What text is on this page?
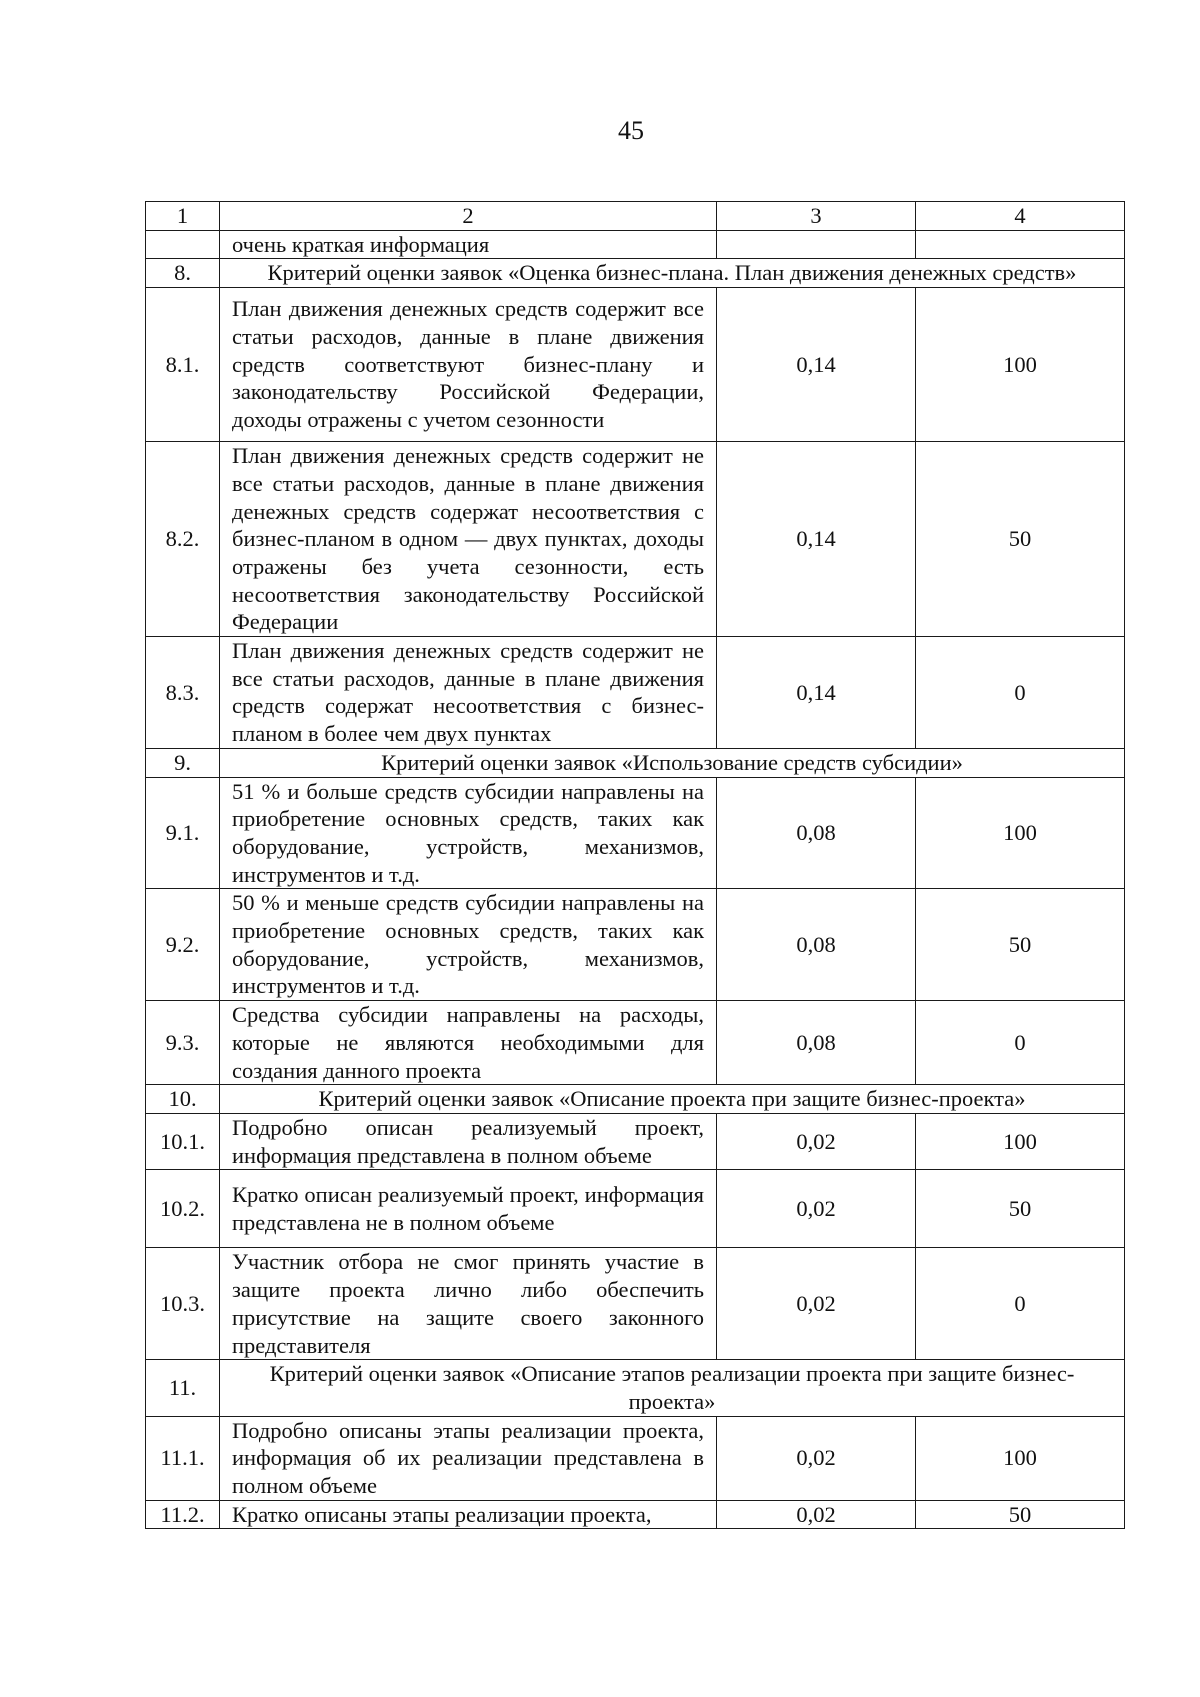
45
1	2	3	4
	очень краткая информация		
8.	Критерий оценки заявок «Оценка бизнес-плана. План движения денежных средств»		
8.1.	План движения денежных средств содержит все статьи расходов, данные в плане движения средств соответствуют бизнес-плану и законодательству Российской Федерации, доходы отражены с учетом сезонности	0,14	100
8.2.	План движения денежных средств содержит не все статьи расходов, данные в плане движения денежных средств содержат несоответствия с бизнес-планом в одном — двух пунктах, доходы отражены без учета сезонности, есть несоответствия законодательству Российской Федерации	0,14	50
8.3.	План движения денежных средств содержит не все статьи расходов, данные в плане движения средств содержат несоответствия с бизнес-планом в более чем двух пунктах	0,14	0
9.	Критерий оценки заявок «Использование средств субсидии»		
9.1.	51 % и больше средств субсидии направлены на приобретение основных средств, таких как оборудование, устройств, механизмов, инструментов и т.д.	0,08	100
9.2.	50 % и меньше средств субсидии направлены на приобретение основных средств, таких как оборудование, устройств, механизмов, инструментов и т.д.	0,08	50
9.3.	Средства субсидии направлены на расходы, которые не являются необходимыми для создания данного проекта	0,08	0
10.	Критерий оценки заявок «Описание проекта при защите бизнес-проекта»		
10.1.	Подробно описан реализуемый проект, информация представлена в полном объеме	0,02	100
10.2.	Кратко описан реализуемый проект, информация представлена не в полном объеме	0,02	50
10.3.	Участник отбора не смог принять участие в защите проекта лично либо обеспечить присутствие на защите своего законного представителя	0,02	0
11.	Критерий оценки заявок «Описание этапов реализации проекта при защите бизнес-проекта»		
11.1.	Подробно описаны этапы реализации проекта, информация об их реализации представлена в полном объеме	0,02	100
11.2.	Кратко описаны этапы реализации проекта,	0,02	50
